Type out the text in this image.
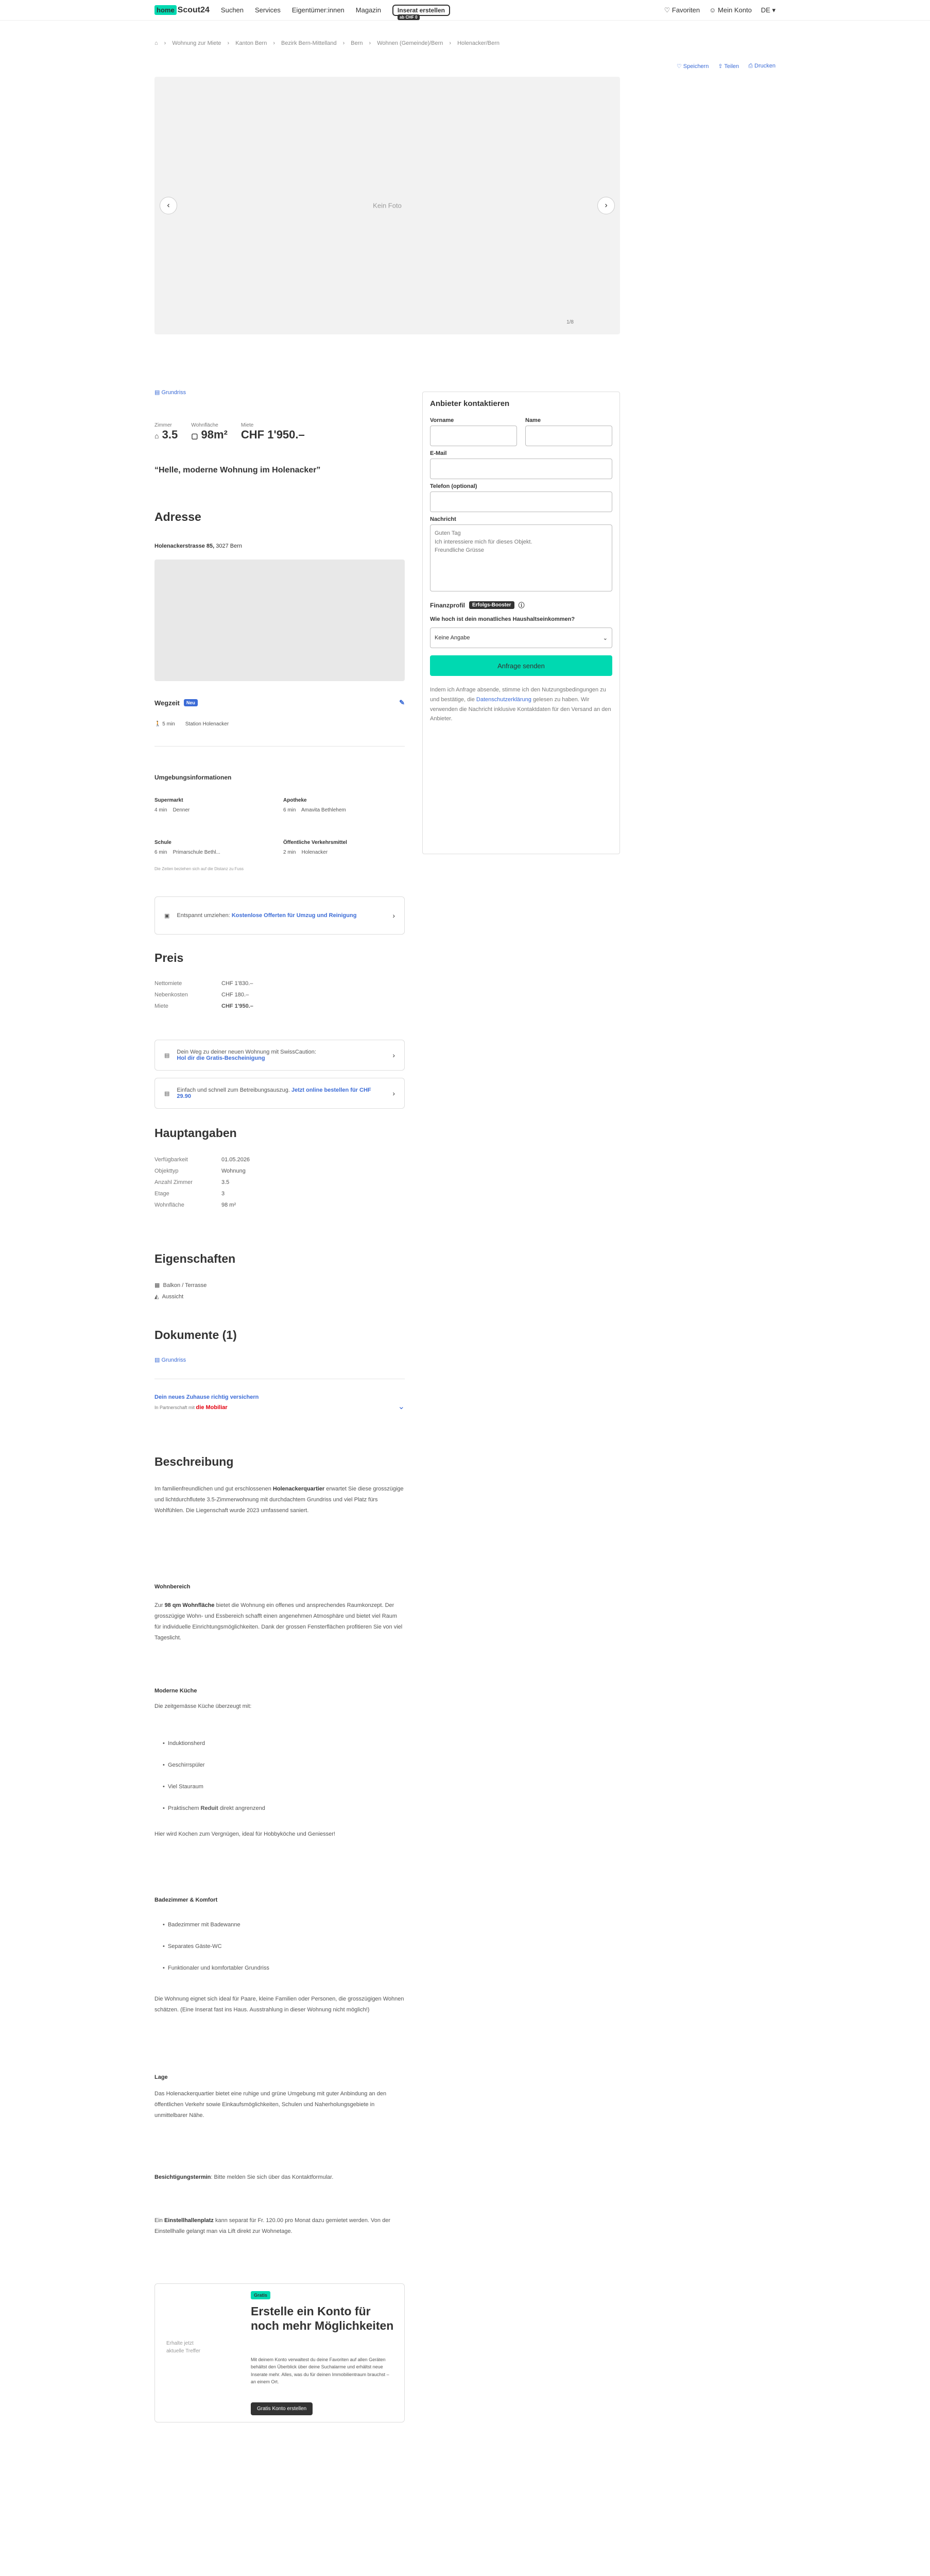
home Scout24 Suchen Services Eigentümer:innen Magazin	Inserat erstellen
ab CHF 0
♡ Favoriten ☺ Mein Konto DE ▾
⌂ › Wohnung zur Miete › Kanton Bern › Bezirk Bern-Mittelland › Bern › Wohnen (Gemeinde)/Bern › Holenacker/Bern
♡ Speichern ⇪ Teilen ⎙ Drucken
‹	Kein Foto	›
1/8
▤ Grundriss
Zimmer
⌂ 3.5
Wohnfläche
▢ 98m²
Miete
CHF 1'950.–
“Helle, moderne Wohnung im Holenacker”
Adresse
Holenackerstrasse 85, 3027 Bern
Wegzeit	Neu	✎
🚶 5 min Station Holenacker
Umgebungsinformationen
Supermarkt
4 min Denner
Apotheke
6 min Amavita Bethlehem
Schule
6 min Primarschule Bethl...
Öffentliche Verkehrsmittel
2 min Holenacker
Die Zeiten beziehen sich auf die Distanz zu Fuss
▣ Entspannt umziehen: Kostenlose Offerten für Umzug und Reinigung	›
Preis
Nettomiete	CHF 1'830.–
Nebenkosten	CHF 180.–
Miete	CHF 1'950.–
▤
Dein Weg zu deiner neuen Wohnung mit SwissCaution:
Hol dir die Gratis-Bescheinigung	›
▤
Einfach und schnell zum Betreibungsauszug. Jetzt online bestellen für CHF 29.90	›
Hauptangaben
Verfügbarkeit	01.05.2026
Objekttyp	Wohnung
Anzahl Zimmer	3.5
Etage	3
Wohnfläche	98 m²
Eigenschaften
▦ Balkon / Terrasse
◭ Aussicht
Dokumente (1)
▤ Grundriss
Dein neues Zuhause richtig versichern
In Partnerschaft mit die Mobiliar	⌄
Beschreibung
Im familienfreundlichen und gut erschlossenen Holenackerquartier erwartet Sie diese grosszügige und lichtdurchflutete 3.5-Zimmerwohnung mit durchdachtem Grundriss und viel Platz fürs Wohlfühlen. Die Liegenschaft wurde 2023 umfassend saniert.
Wohnbereich
Zur 98 qm Wohnfläche bietet die Wohnung ein offenes und ansprechendes Raumkonzept. Der grosszügige Wohn- und Essbereich schafft einen angenehmen Atmosphäre und bietet viel Raum für individuelle Einrichtungsmöglichkeiten. Dank der grossen Fensterflächen profitieren Sie von viel Tageslicht.
Moderne Küche
Die zeitgemässe Küche überzeugt mit:
•  Induktionsherd
•  Geschirrspüler
•  Viel Stauraum
•  Praktischem Reduit direkt angrenzend
Hier wird Kochen zum Vergnügen, ideal für Hobbyköche und Geniesser!
Badezimmer & Komfort
•  Badezimmer mit Badewanne
•  Separates Gäste-WC
•  Funktionaler und komfortabler Grundriss
Die Wohnung eignet sich ideal für Paare, kleine Familien oder Personen, die grosszügigen Wohnen schätzen. (Eine Inserat fast ins Haus. Ausstrahlung in dieser Wohnung nicht möglich!)
Lage
Das Holenackerquartier bietet eine ruhige und grüne Umgebung mit guter Anbindung an den öffentlichen Verkehr sowie Einkaufsmöglichkeiten, Schulen und Naherholungsgebiete in unmittelbarer Nähe.
Besichtigungstermin: Bitte melden Sie sich über das Kontaktformular.
Ein Einstellhallenplatz kann separat für Fr. 120.00 pro Monat dazu gemietet werden. Von der Einstellhalle gelangt man via Lift direkt zur Wohnetage.
Erhalte jetzt aktuelle Treffer
Gratis
Erstelle ein Konto für noch mehr Möglichkeiten
Mit deinem Konto verwaltest du deine Favoriten auf allen Geräten behältst den Überblick über deine Suchalarme und erhältst neue Inserate mehr. Alles, was du für deinen Immobilientraum brauchst – an einem Ort.
Gratis Konto erstellen

Anbieter kontaktieren
Vorname	Name
E-Mail
Telefon (optional)
Nachricht
Guten Tag
Ich interessiere mich für dieses Objekt.
Freundliche Grüsse
Finanzprofil	Erfolgs-Booster	ⓘ
Wie hoch ist dein monatliches Haushaltseinkommen?
Keine Angabe	⌄
Anfrage senden
Indem ich Anfrage absende, stimme ich den Nutzungsbedingungen zu und bestätige, die Datenschutzerklärung gelesen zu haben. Wir verwenden die Nachricht inklusive Kontaktdaten für den Versand an den Anbieter.
